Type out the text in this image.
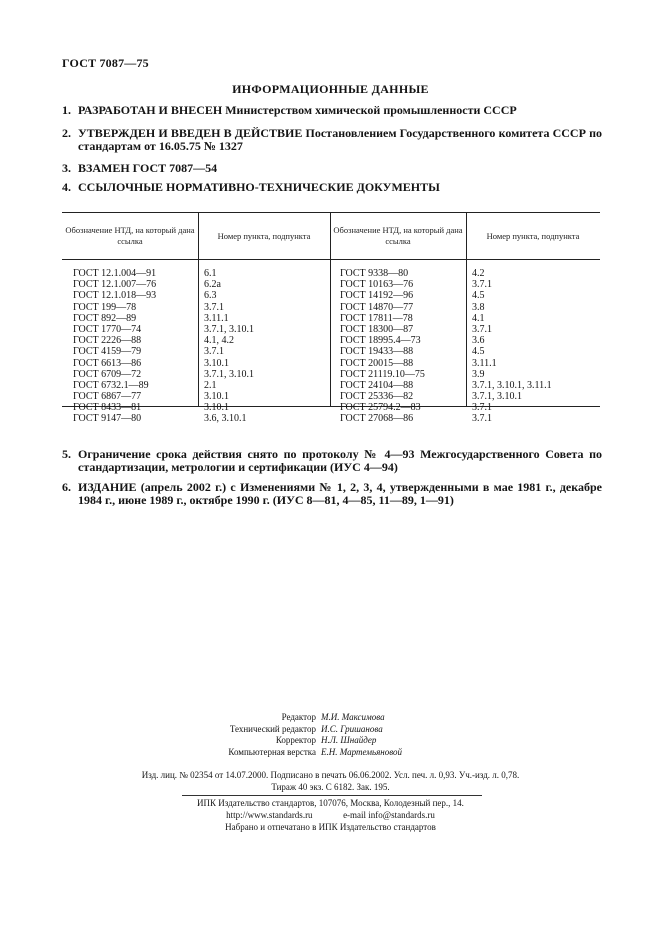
ГОСТ 7087—75
ИНФОРМАЦИОННЫЕ ДАННЫЕ
1. РАЗРАБОТАН И ВНЕСЕН Министерством химической промышленности СССР
2. УТВЕРЖДЕН И ВВЕДЕН В ДЕЙСТВИЕ Постановлением Государственного комитета СССР по стандартам от 16.05.75 № 1327
3. ВЗАМЕН ГОСТ 7087—54
4. ССЫЛОЧНЫЕ НОРМАТИВНО-ТЕХНИЧЕСКИЕ ДОКУМЕНТЫ
Обозначение НТД, на который дана ссылка
Номер пункта, подпункта
Обозначение НТД, на который дана ссылка
Номер пункта, подпункта
ГОСТ 12.1.004—91
ГОСТ 12.1.007—76
ГОСТ 12.1.018—93
ГОСТ 199—78
ГОСТ 892—89
ГОСТ 1770—74
ГОСТ 2226—88
ГОСТ 4159—79
ГОСТ 6613—86
ГОСТ 6709—72
ГОСТ 6732.1—89
ГОСТ 6867—77
ГОСТ 8433—81
ГОСТ 9147—80
6.1
6.2а
6.3
3.7.1
3.11.1
3.7.1, 3.10.1
4.1, 4.2
3.7.1
3.10.1
3.7.1, 3.10.1
2.1
3.10.1
3.10.1
3.6, 3.10.1
ГОСТ 9338—80
ГОСТ 10163—76
ГОСТ 14192—96
ГОСТ 14870—77
ГОСТ 17811—78
ГОСТ 18300—87
ГОСТ 18995.4—73
ГОСТ 19433—88
ГОСТ 20015—88
ГОСТ 21119.10—75
ГОСТ 24104—88
ГОСТ 25336—82
ГОСТ 25794.2—83
ГОСТ 27068—86
4.2
3.7.1
4.5
3.8
4.1
3.7.1
3.6
4.5
3.11.1
3.9
3.7.1, 3.10.1, 3.11.1
3.7.1, 3.10.1
3.7.1
3.7.1
5. Ограничение срока действия снято по протоколу № 4—93 Межгосударственного Совета по стандартизации, метрологии и сертификации (ИУС 4—94)
6. ИЗДАНИЕ (апрель 2002 г.) с Изменениями № 1, 2, 3, 4, утвержденными в мае 1981 г., декабре 1984 г., июне 1989 г., октябре 1990 г. (ИУС 8—81, 4—85, 11—89, 1—91)
Редактор М.И. Максимова
Технический редактор И.С. Гришанова
Корректор Н.Л. Шнайдер
Компьютерная верстка Е.Н. Мартемьяновой
Изд. лиц. № 02354 от 14.07.2000. Подписано в печать 06.06.2002. Усл. печ. л. 0,93. Уч.-изд. л. 0,78.
Тираж 40 экз. С 6182. Зак. 195.
ИПК Издательство стандартов, 107076, Москва, Колодезный пер., 14.
http://www.standards.ru	e-mail info@standards.ru
Набрано и отпечатано в ИПК Издательство стандартов
